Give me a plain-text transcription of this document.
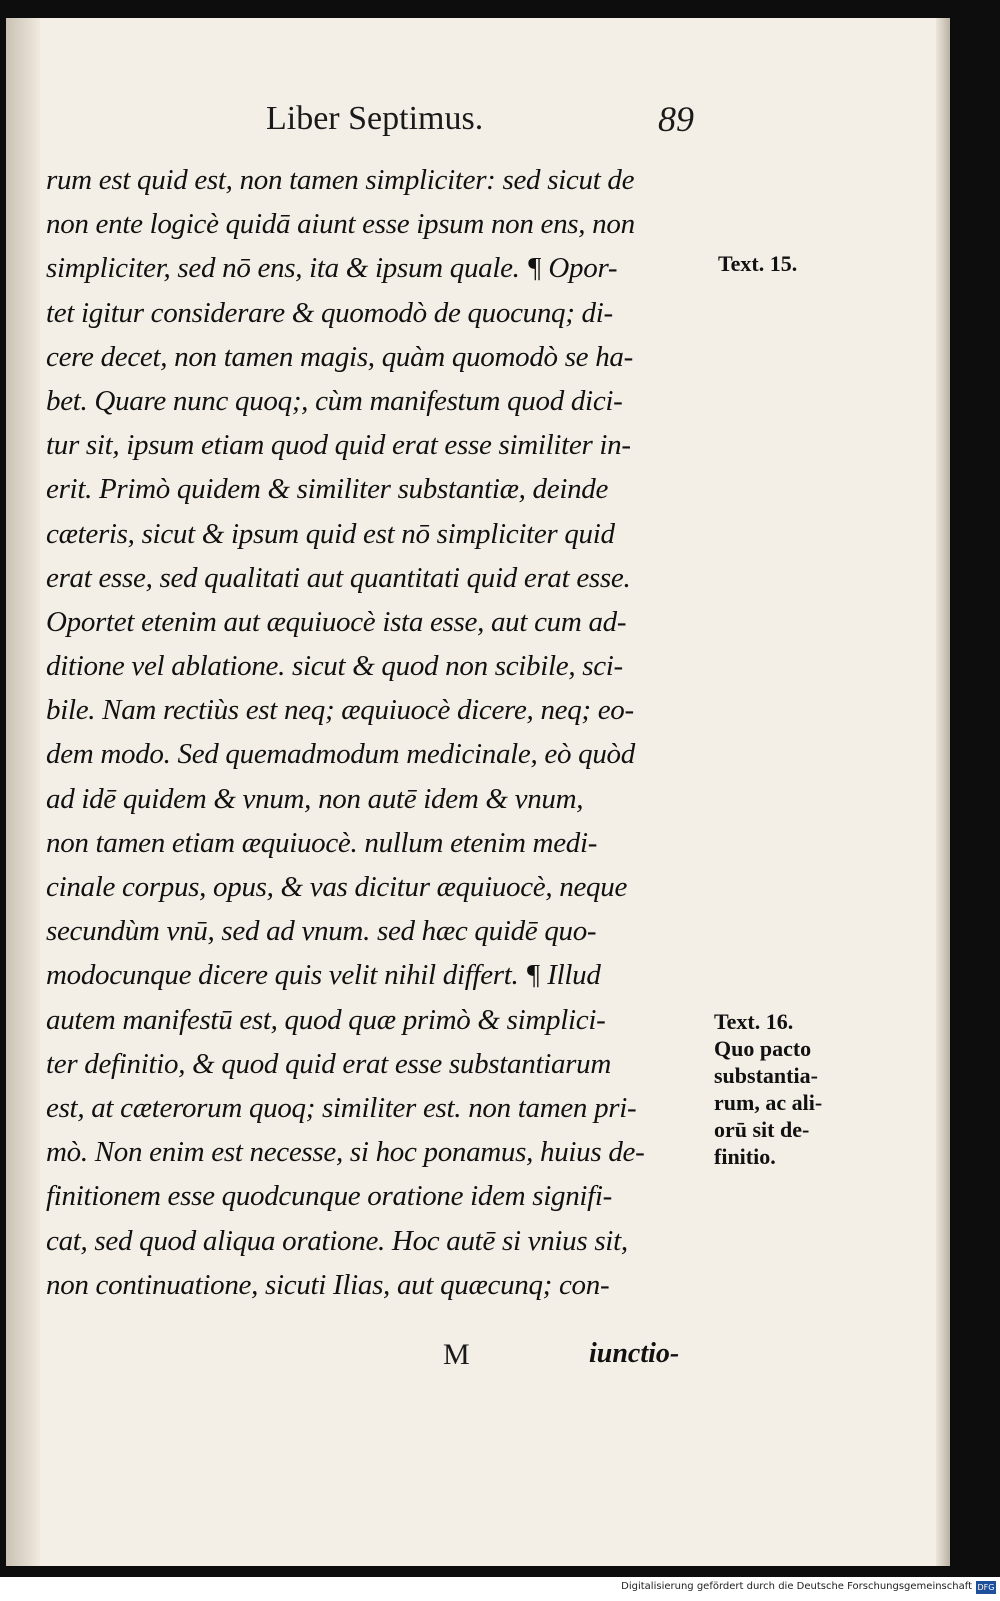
Liber Septimus.	89
rum est quid est, non tamen simpliciter: sed sicut de
non ente logicè quidā aiunt esse ipsum non ens, non
simpliciter, sed nō ens, ita & ipsum quale. ¶ Opor-
tet igitur considerare & quomodò de quocunq; di-
cere decet, non tamen magis, quàm quomodò se ha-
bet. Quare nunc quoq;, cùm manifestum quod dici-
tur sit, ipsum etiam quod quid erat esse similiter in-
erit. Primò quidem & similiter substantiæ, deinde
cæteris, sicut & ipsum quid est nō simpliciter quid
erat esse, sed qualitati aut quantitati quid erat esse.
Oportet etenim aut æquiuocè ista esse, aut cum ad-
ditione vel ablatione. sicut & quod non scibile, sci-
bile. Nam rectiùs est neq; æquiuocè dicere, neq; eo-
dem modo. Sed quemadmodum medicinale, eò quòd
ad idē quidem & vnum, non autē idem & vnum,
non tamen etiam æquiuocè. nullum etenim medi-
cinale corpus, opus, & vas dicitur æquiuocè, neque
secundùm vnū, sed ad vnum. sed hæc quidē quo-
modocunque dicere quis velit nihil differt. ¶ Illud
autem manifestū est, quod quæ primò & simplici-
ter definitio, & quod quid erat esse substantiarum
est, at cæterorum quoq; similiter est. non tamen pri-
mò. Non enim est necesse, si hoc ponamus, huius de-
finitionem esse quodcunque oratione idem signifi-
cat, sed quod aliqua oratione. Hoc autē si vnius sit,
non continuatione, sicuti Ilias, aut quæcunq; con-
Text. 15.
Text. 16.
Quo pacto
substantia-
rum, ac ali-
orū sit de-
finitio.
M	iunctio-
Digitalisierung gefördert durch die Deutsche Forschungsgemeinschaft DFG
